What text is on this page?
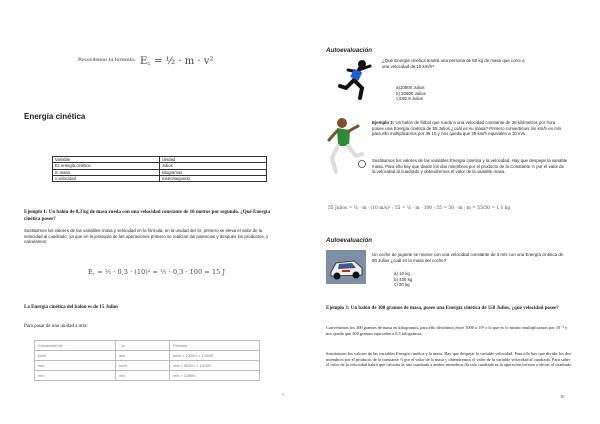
Recordemos la fórmula: E꜀ = ½ · m · v²
Energía cinética
Variable	Unidad
Ec energía cinética	Julios
m masa	kilogramos
v velocidad	metro/segundo
Ejemplo 1: Un balón de 0,3 kg de masa rueda con una velocidad constante de 10 metros por segundo. ¿Qué Energía cinética posee?
Sustituimos los valores de las variables masa y velocidad en la fórmula, en la unidad del SI, primero se eleva el valor de la velocidad al cuadrado, ya que en la jerarquía de las operaciones primero se realizan las potencias y después los productos, y calculamos:
E꜀ = ½ · 0,3 · (10)² = ½ · 0,3 · 100 = 15 J
La Energía cinética del balón es de 15 Julios
Para pasar de una unidad a otra:
Conversión de...	...a	Fórmula
km/h	m/s	km/h × 1000/1 × 1/3600
m/s	km/h	m/s × 3600/1 × 1/1000
m/h	m/s	m/h × 1/3600
9
Autoevaluación
¿Qué Energía cinética tendrá una persona de 50 kg de masa que corre a una velocidad de 10 km/h?
a)10500 Julios
b) 32800 Julios
c)192.9 Julios
Ejemplo 2: Un balón de fútbol que rueda a una velocidad constante de 36 kilómetros por hora posee una Energía cinética de 55 Julios ¿cuál es su masa? Primero convertimos los km/h en m/s para ello multiplicamos por 36 10 y nos queda que 36 km/h equivalen a 10 m/s
Sustituimos los valores de las variables Energía cinética y la velocidad. Hay que despejar la variable masa. Para ello hay que dividir los dos miembros por el producto de la Constante ½ por el valor de la velocidad al cuadrado y obtendremos el valor de la variable masa.
55 Julios = ½ · m · (10 m/s)² ; 55 = ½ · m · 100 ; 55 = 50 · m ; m = 55/50 = 1,1 kg
Autoevaluación
Un coche de juguete se mueve con una velocidad constante de 3 m/s con una Energía cinética de 90 Julios ¿cuál es la masa del coche?
a) 10 kg
b) 405 kg
c) 20 kg
Ejemplo 3: Un balón de 300 gramos de masa, posee una Energía cinética de 150 Julios, ¿qué velocidad posee?
Convertimos los 300 gramos de masa en kilogramos, para ello dividimos entre 1000 o 10³ o lo que es lo mismo multiplicamos por 10⁻³ y nos queda que 300 gramos equivalen a 0,3 kilogramos.
Sustituimos los valores de las variables Energía cinética y la masa. Hay que despejar la variable velocidad. Para ello hay que dividir los dos miembros por el producto de la constante ½ por el valor de la masa y obtendremos el valor de la variable velocidad al cuadrado. Para saber el valor de la velocidad habrá que calcular la raíz cuadrada a ambos miembros (la raíz cuadrada es la operación inversa a elevar al cuadrado
10
